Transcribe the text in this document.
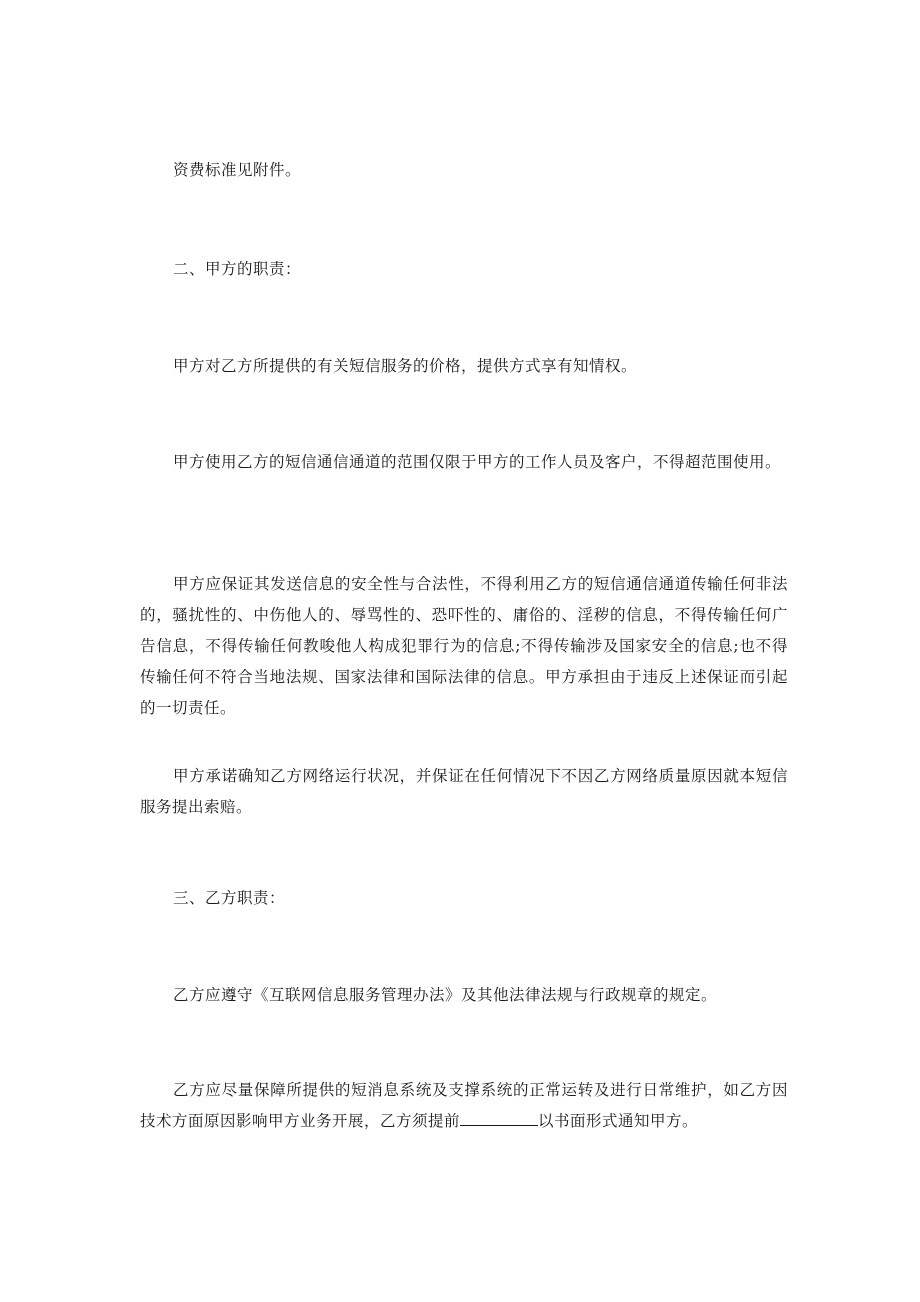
资费标准见附件。

二、甲方的职责：

甲方对乙方所提供的有关短信服务的价格，提供方式享有知情权。

甲方使用乙方的短信通信通道的范围仅限于甲方的工作人员及客户，不得超范围使用。

甲方应保证其发送信息的安全性与合法性，不得利用乙方的短信通信通道传输任何非法的，骚扰性的、中伤他人的、辱骂性的、恐吓性的、庸俗的、淫秽的信息，不得传输任何广告信息，不得传输任何教唆他人构成犯罪行为的信息;不得传输涉及国家安全的信息;也不得传输任何不符合当地法规、国家法律和国际法律的信息。甲方承担由于违反上述保证而引起的一切责任。

甲方承诺确知乙方网络运行状况，并保证在任何情况下不因乙方网络质量原因就本短信服务提出索赔。

三、乙方职责：

乙方应遵守《互联网信息服务管理办法》及其他法律法规与行政规章的规定。

乙方应尽量保障所提供的短消息系统及支撑系统的正常运转及进行日常维护，如乙方因技术方面原因影响甲方业务开展，乙方须提前	以书面形式通知甲方。
